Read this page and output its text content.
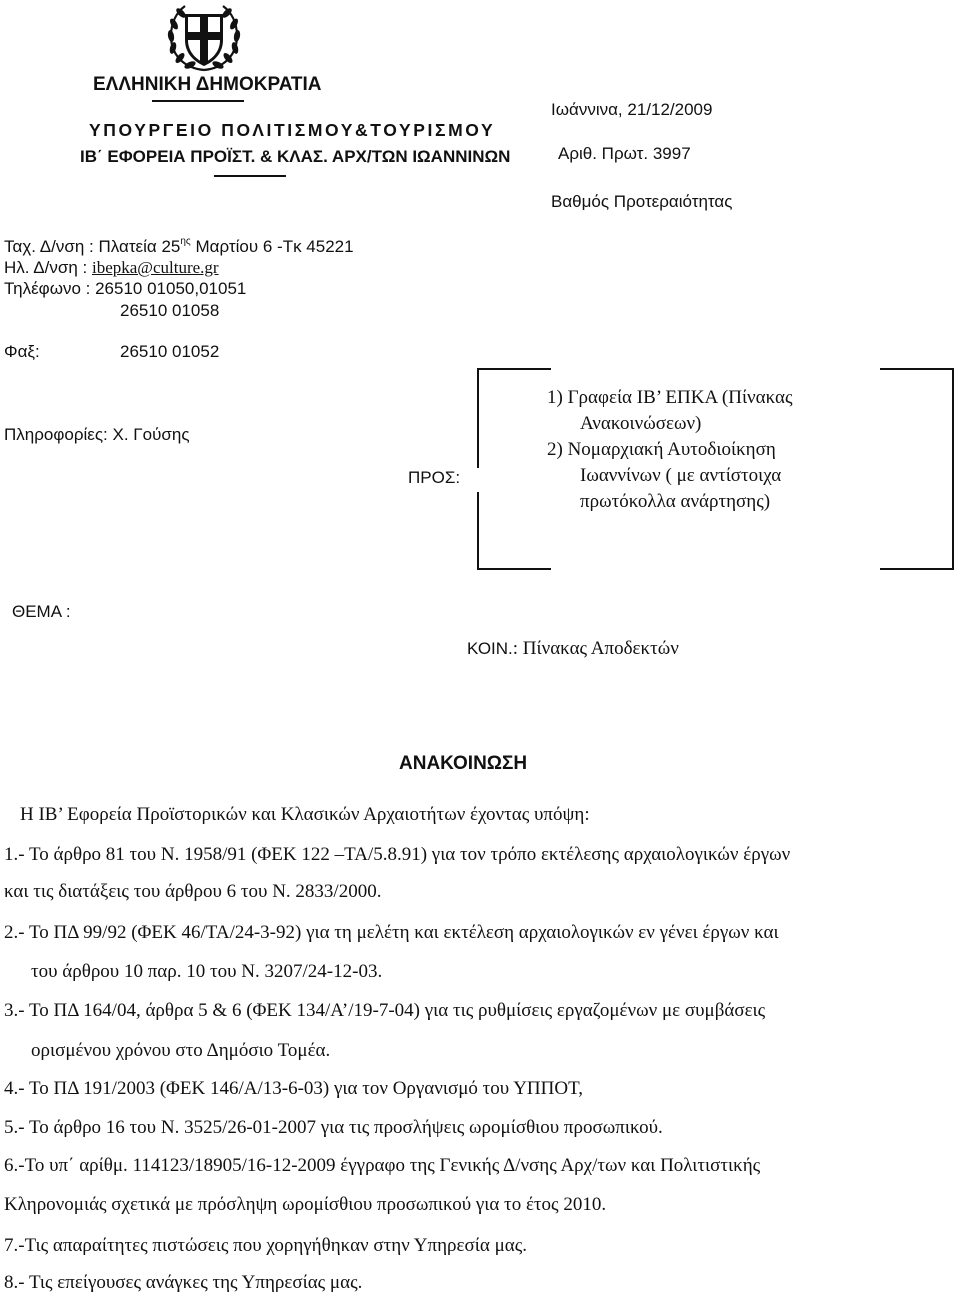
ΕΛΛΗΝΙΚΗ ΔΗΜΟΚΡΑΤΙΑ
ΥΠΟΥΡΓΕΙΟ ΠΟΛΙΤΙΣΜΟΥ&ΤΟΥΡΙΣΜΟΥ
ΙΒ΄ ΕΦΟΡΕΙΑ ΠΡΟΪΣΤ. & ΚΛΑΣ. ΑΡΧ/ΤΩΝ ΙΩΑΝΝΙΝΩΝ
Ιωάννινα, 21/12/2009
Αριθ. Πρωτ. 3997
Βαθμός Προτεραιότητας
Ταχ. Δ/νση : Πλατεία $25^{\eta\varsigma}$ Μαρτίου 6 -Τκ 45221
Ηλ. Δ/νση : ibepka@culture.gr
Τηλέφωνο : 26510 01050,01051
26510 01058
Φαξ:	26510 01052
Πληροφορίες: Χ. Γούσης
ΠΡΟΣ:
1) Γραφεία ΙΒ’ ΕΠΚΑ (Πίνακας
Ανακοινώσεων)
2) Νομαρχιακή Αυτοδιοίκηση
Ιωαννίνων ( με αντίστοιχα
πρωτόκολλα ανάρτησης)
ΘΕΜΑ :
ΚΟΙΝ.: Πίνακας Αποδεκτών
ΑΝΑΚΟΙΝΩΣΗ
Η ΙΒ’ Εφορεία Προϊστορικών και Κλασικών Αρχαιοτήτων έχοντας υπόψη:
1.- Το άρθρο 81 του Ν. 1958/91 (ΦΕΚ 122 –ΤΑ/5.8.91) για τον τρόπο εκτέλεσης αρχαιολογικών έργων
και τις διατάξεις του άρθρου 6 του Ν. 2833/2000.
2.- Το ΠΔ 99/92 (ΦΕΚ 46/ΤΑ/24-3-92) για τη μελέτη και εκτέλεση αρχαιολογικών εν γένει έργων και
του άρθρου 10 παρ. 10 του Ν. 3207/24-12-03.
3.- Το ΠΔ 164/04, άρθρα 5 & 6 (ΦΕΚ 134/Α’/19-7-04) για τις ρυθμίσεις εργαζομένων με συμβάσεις
ορισμένου χρόνου στο Δημόσιο Τομέα.
4.- Το ΠΔ 191/2003 (ΦΕΚ 146/Α/13-6-03) για τον Οργανισμό του ΥΠΠΟΤ,
5.- Το άρθρο 16 του Ν. 3525/26-01-2007 για τις προσλήψεις ωρομίσθιου προσωπικού.
6.-Το υπ΄ αρίθμ. 114123/18905/16-12-2009 έγγραφο της Γενικής Δ/νσης Αρχ/των και Πολιτιστικής
Κληρονομιάς σχετικά με πρόσληψη ωρομίσθιου προσωπικού για το έτος 2010.
7.-Τις απαραίτητες πιστώσεις που χορηγήθηκαν στην Υπηρεσία μας.
8.- Τις επείγουσες ανάγκες της Υπηρεσίας μας.
